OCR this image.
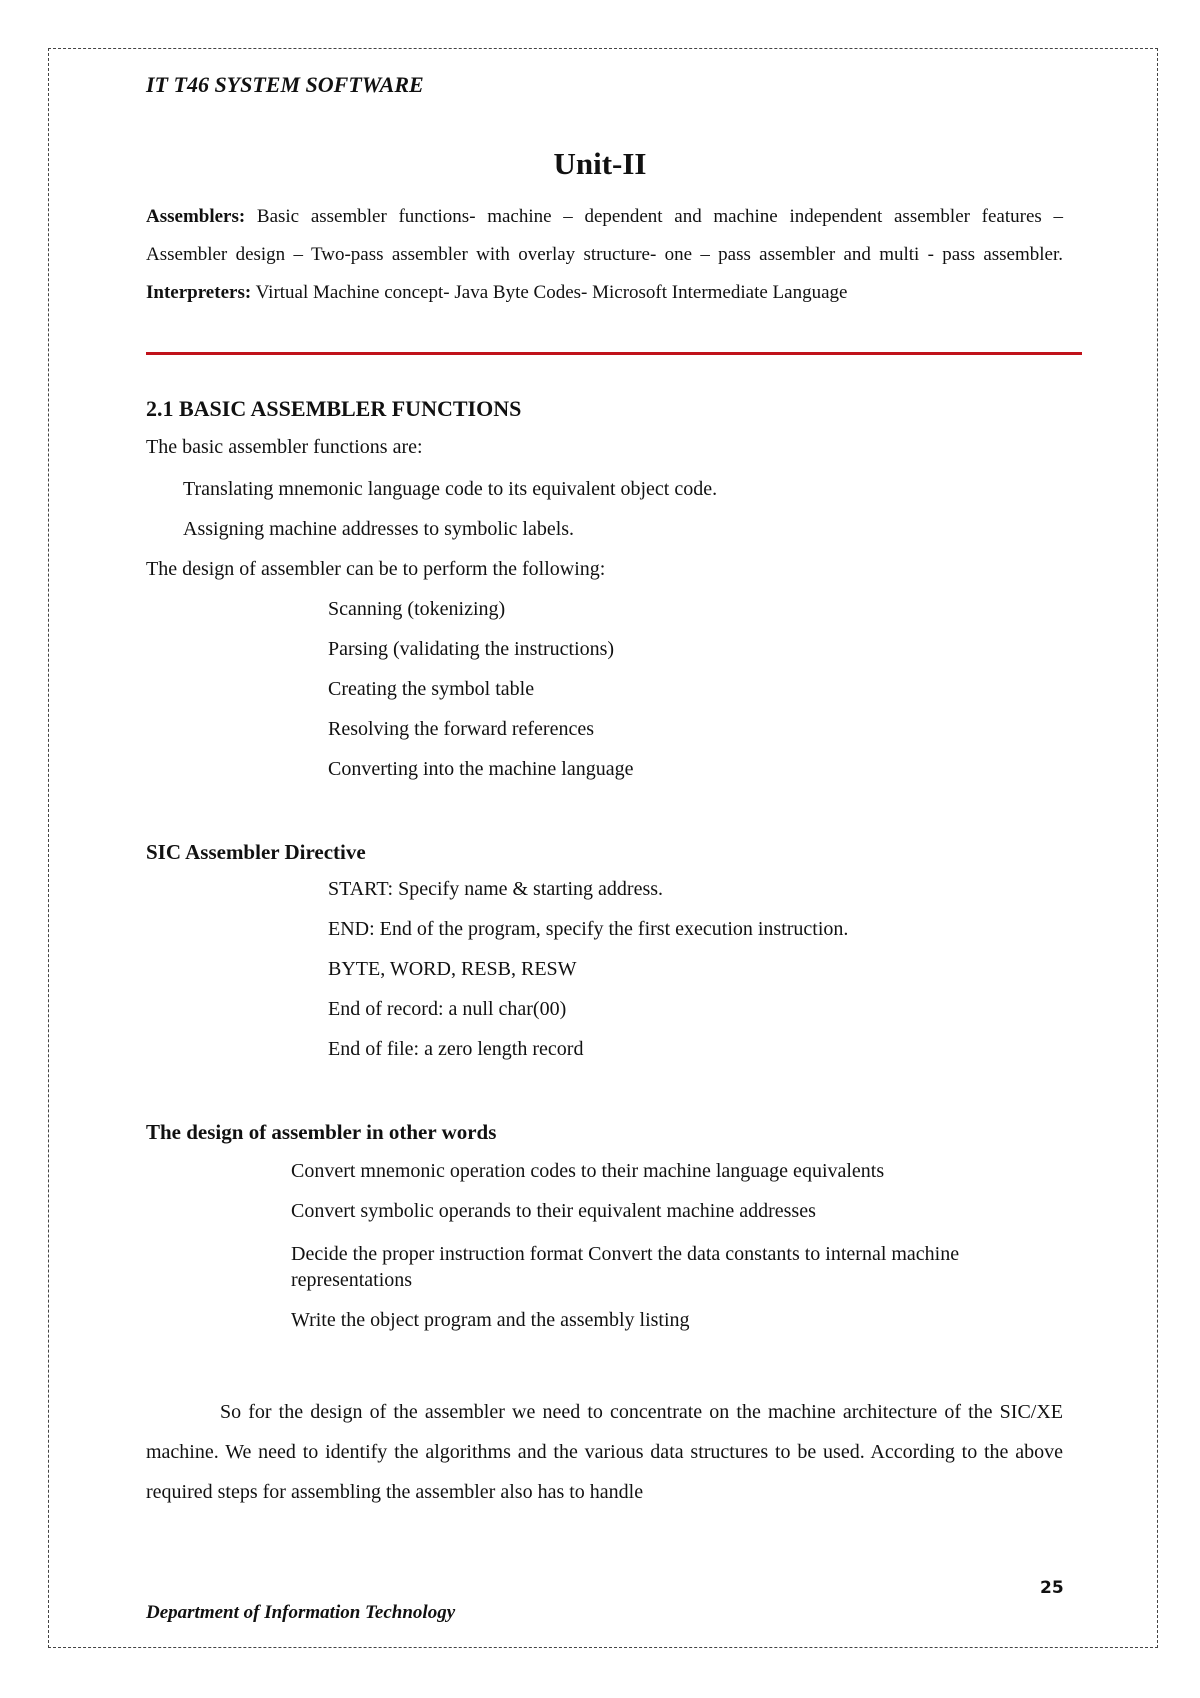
IT T46 SYSTEM SOFTWARE
Unit-II
Assemblers: Basic assembler functions- machine – dependent and machine independent assembler features – Assembler design – Two-pass assembler with overlay structure- one – pass assembler and multi - pass assembler. Interpreters: Virtual Machine concept- Java Byte Codes- Microsoft Intermediate Language
2.1 BASIC ASSEMBLER FUNCTIONS
The basic assembler functions are:
Translating mnemonic language code to its equivalent object code.
Assigning machine addresses to symbolic labels.
The design of assembler can be to perform the following:
Scanning (tokenizing)
Parsing (validating the instructions)
Creating the symbol table
Resolving the forward references
Converting into the machine language
SIC Assembler Directive
START: Specify name & starting address.
END: End of the program, specify the first execution instruction.
BYTE, WORD, RESB, RESW
End of record: a null char(00)
End of file: a zero length record
The design of assembler in other words
Convert mnemonic operation codes to their machine language equivalents
Convert symbolic operands to their equivalent machine addresses
Decide the proper instruction format Convert the data constants to internal machine representations
Write the object program and the assembly listing
So for the design of the assembler we need to concentrate on the machine architecture of the SIC/XE machine. We need to identify the algorithms and the various data structures to be used. According to the above required steps for assembling the assembler also has to handle
25
Department of Information Technology
